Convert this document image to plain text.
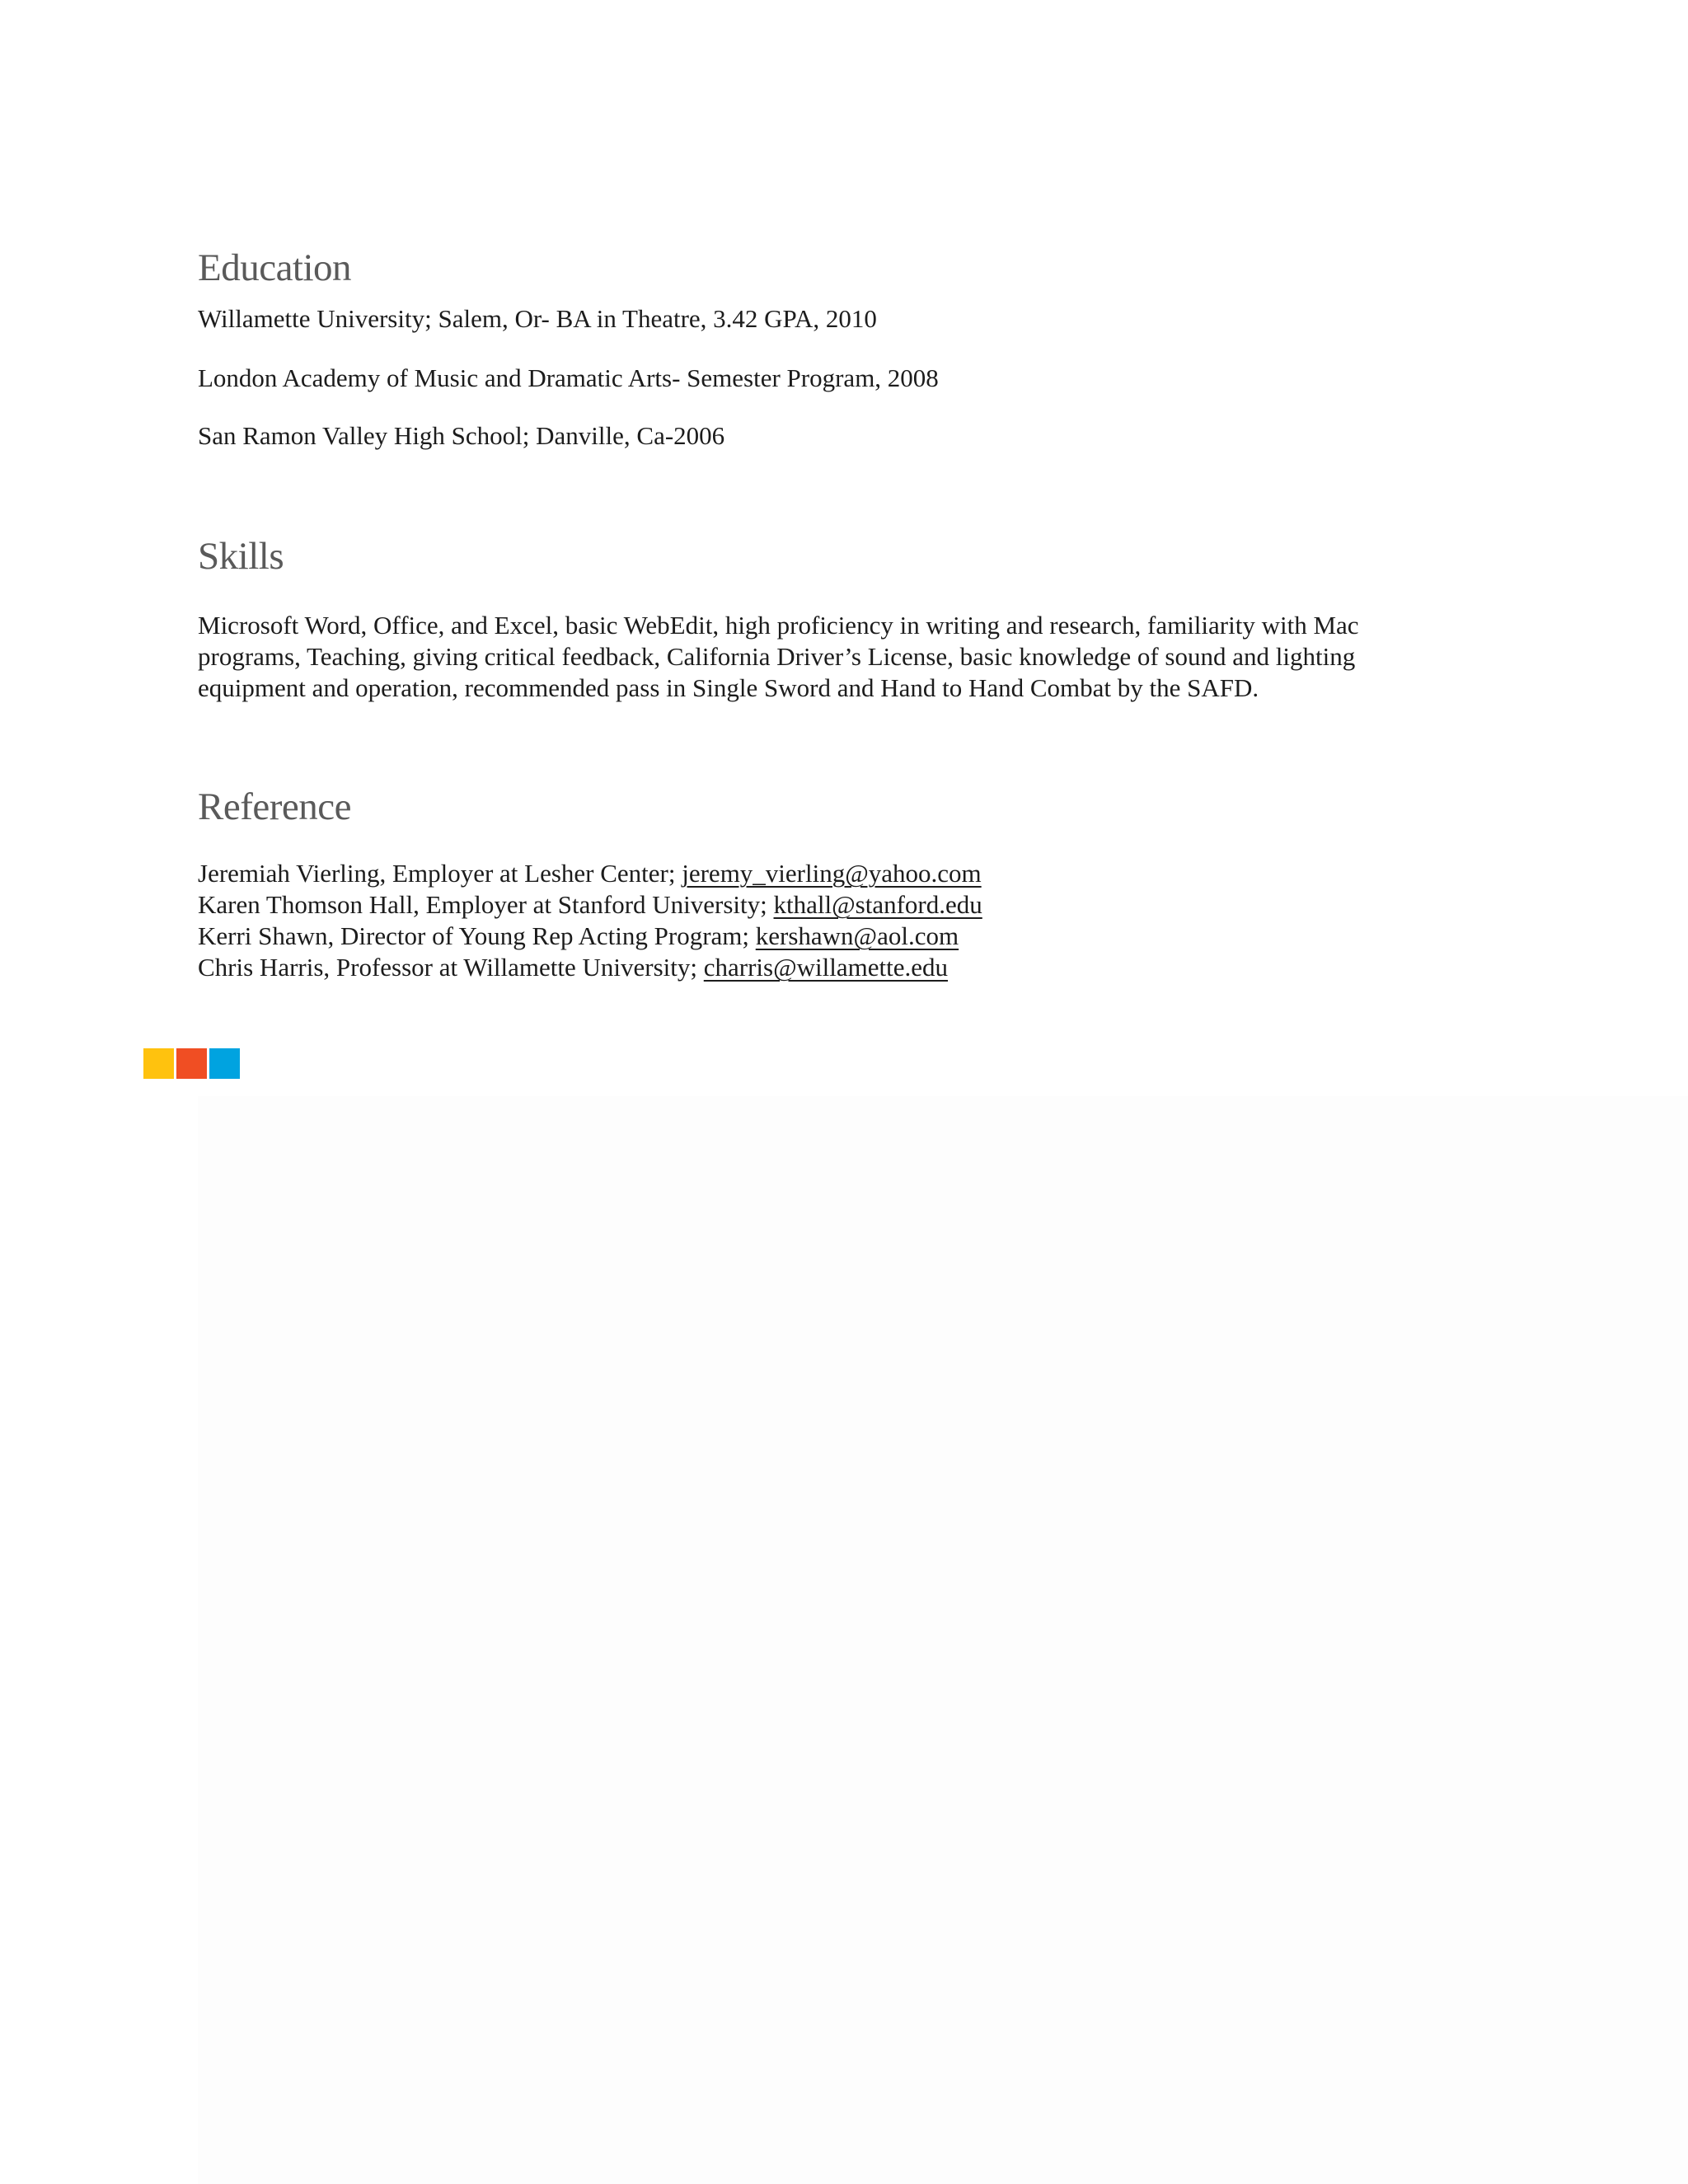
Education

Willamette University; Salem, Or- BA in Theatre, 3.42 GPA, 2010

London Academy of Music and Dramatic Arts- Semester Program, 2008

San Ramon Valley High School; Danville, Ca-2006

Skills

Microsoft Word, Office, and Excel, basic WebEdit, high proficiency in writing and research, familiarity with Mac
programs, Teaching, giving critical feedback, California Driver’s License, basic knowledge of sound and lighting
equipment and operation, recommended pass in Single Sword and Hand to Hand Combat by the SAFD.

Reference

Jeremiah Vierling, Employer at Lesher Center; jeremy_vierling@yahoo.com

Karen Thomson Hall, Employer at Stanford University; kthall@stanford.edu

Kerri Shawn, Director of Young Rep Acting Program; kershawn@aol.com

Chris Harris, Professor at Willamette University; charris@willamette.edu
